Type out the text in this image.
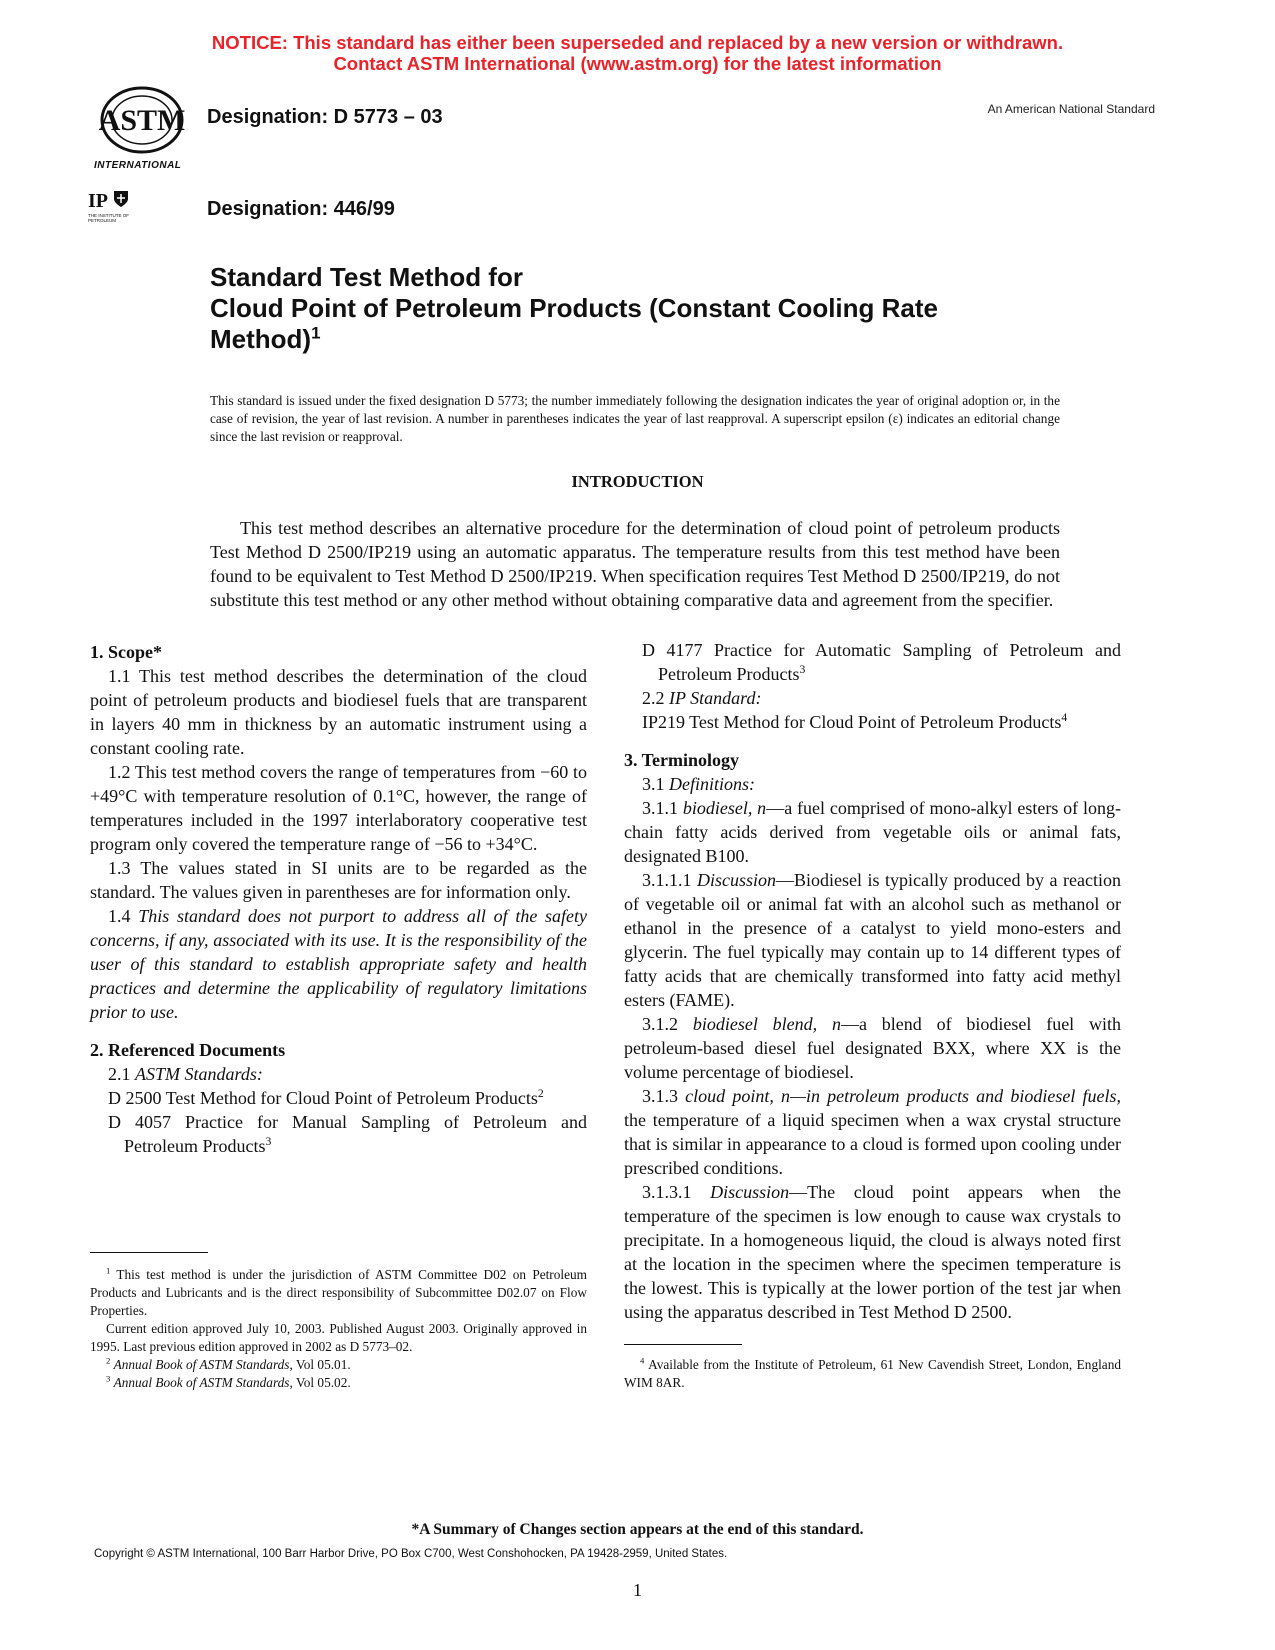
NOTICE: This standard has either been superseded and replaced by a new version or withdrawn.
Contact ASTM International (www.astm.org) for the latest information
ASTM
INTERNATIONAL
Designation: D 5773 – 03	An American National Standard
IP
THE INSTITUTE OF PETROLEUM
Designation: 446/99
Standard Test Method for
Cloud Point of Petroleum Products (Constant Cooling Rate
Method)$^1$
This standard is issued under the fixed designation D 5773; the number immediately following the designation indicates the year of original adoption or, in the case of revision, the year of last revision. A number in parentheses indicates the year of last reapproval. A superscript epsilon (ε) indicates an editorial change since the last revision or reapproval.
INTRODUCTION
This test method describes an alternative procedure for the determination of cloud point of petroleum products Test Method D 2500/IP219 using an automatic apparatus. The temperature results from this test method have been found to be equivalent to Test Method D 2500/IP219. When specification requires Test Method D 2500/IP219, do not substitute this test method or any other method without obtaining comparative data and agreement from the specifier.
1. Scope*

1.1 This test method describes the determination of the cloud point of petroleum products and biodiesel fuels that are transparent in layers 40 mm in thickness by an automatic instrument using a constant cooling rate.

1.2 This test method covers the range of temperatures from −60 to +49°C with temperature resolution of 0.1°C, however, the range of temperatures included in the 1997 interlaboratory cooperative test program only covered the temperature range of −56 to +34°C.

1.3 The values stated in SI units are to be regarded as the standard. The values given in parentheses are for information only.

1.4 This standard does not purport to address all of the safety concerns, if any, associated with its use. It is the responsibility of the user of this standard to establish appropriate safety and health practices and determine the applicability of regulatory limitations prior to use.

2. Referenced Documents

2.1 ASTM Standards:

D 2500 Test Method for Cloud Point of Petroleum Products$^2$

D 4057 Practice for Manual Sampling of Petroleum and Petroleum Products$^3$

$^1$ This test method is under the jurisdiction of ASTM Committee D02 on Petroleum Products and Lubricants and is the direct responsibility of Subcommittee D02.07 on Flow Properties.

Current edition approved July 10, 2003. Published August 2003. Originally approved in 1995. Last previous edition approved in 2002 as D 5773–02.

$^2$ Annual Book of ASTM Standards, Vol 05.01.

$^3$ Annual Book of ASTM Standards, Vol 05.02.

D 4177 Practice for Automatic Sampling of Petroleum and Petroleum Products$^3$

2.2 IP Standard:

IP219 Test Method for Cloud Point of Petroleum Products$^4$

3. Terminology

3.1 Definitions:

3.1.1 biodiesel, n—a fuel comprised of mono-alkyl esters of long-chain fatty acids derived from vegetable oils or animal fats, designated B100.

3.1.1.1 Discussion—Biodiesel is typically produced by a reaction of vegetable oil or animal fat with an alcohol such as methanol or ethanol in the presence of a catalyst to yield mono-esters and glycerin. The fuel typically may contain up to 14 different types of fatty acids that are chemically transformed into fatty acid methyl esters (FAME).

3.1.2 biodiesel blend, n—a blend of biodiesel fuel with petroleum-based diesel fuel designated BXX, where XX is the volume percentage of biodiesel.

3.1.3 cloud point, n—in petroleum products and biodiesel fuels, the temperature of a liquid specimen when a wax crystal structure that is similar in appearance to a cloud is formed upon cooling under prescribed conditions.

3.1.3.1 Discussion—The cloud point appears when the temperature of the specimen is low enough to cause wax crystals to precipitate. In a homogeneous liquid, the cloud is always noted first at the location in the specimen where the specimen temperature is the lowest. This is typically at the lower portion of the test jar when using the apparatus described in Test Method D 2500.

$^4$ Available from the Institute of Petroleum, 61 New Cavendish Street, London, England WIM 8AR.

*A Summary of Changes section appears at the end of this standard.
Copyright © ASTM International, 100 Barr Harbor Drive, PO Box C700, West Conshohocken, PA 19428-2959, United States.
1
